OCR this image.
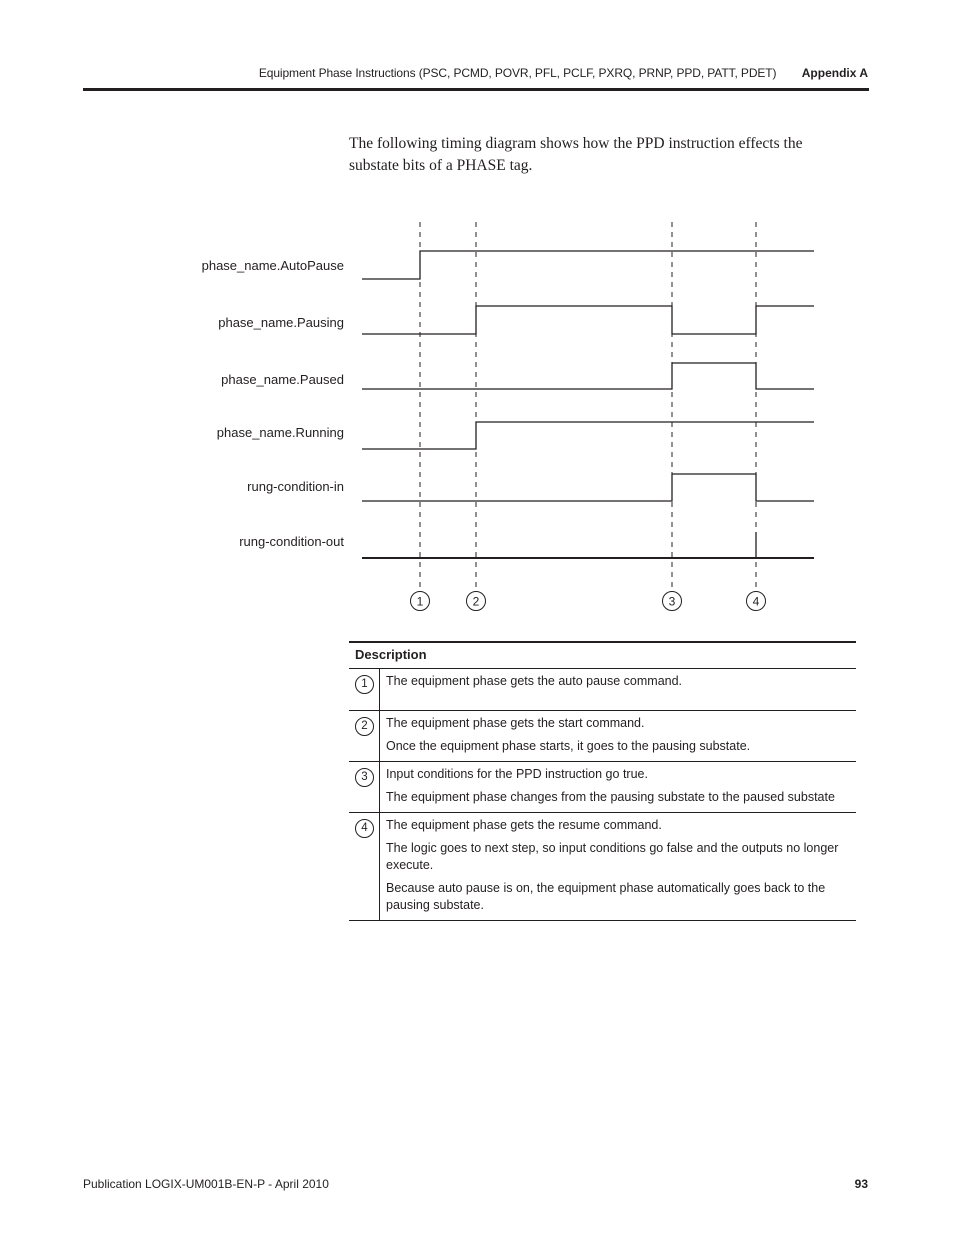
Equipment Phase Instructions (PSC, PCMD, POVR, PFL, PCLF, PXRQ, PRNP, PPD, PATT, PDET) Appendix A
The following timing diagram shows how the PPD instruction effects the substate bits of a PHASE tag.
phase_name.AutoPause
phase_name.Pausing
phase_name.Paused
phase_name.Running
rung-condition-in
rung-condition-out
1	2	3	4
Description	
1	The equipment phase gets the auto pause command.

2	The equipment phase gets the start command.

Once the equipment phase starts, it goes to the pausing substate.

3	Input conditions for the PPD instruction go true.

The equipment phase changes from the pausing substate to the paused substate

4	The equipment phase gets the resume command.

The logic goes to next step, so input conditions go false and the outputs no longer execute.

Because auto pause is on, the equipment phase automatically goes back to the pausing substate.

Publication LOGIX-UM001B-EN-P - April 2010	93
